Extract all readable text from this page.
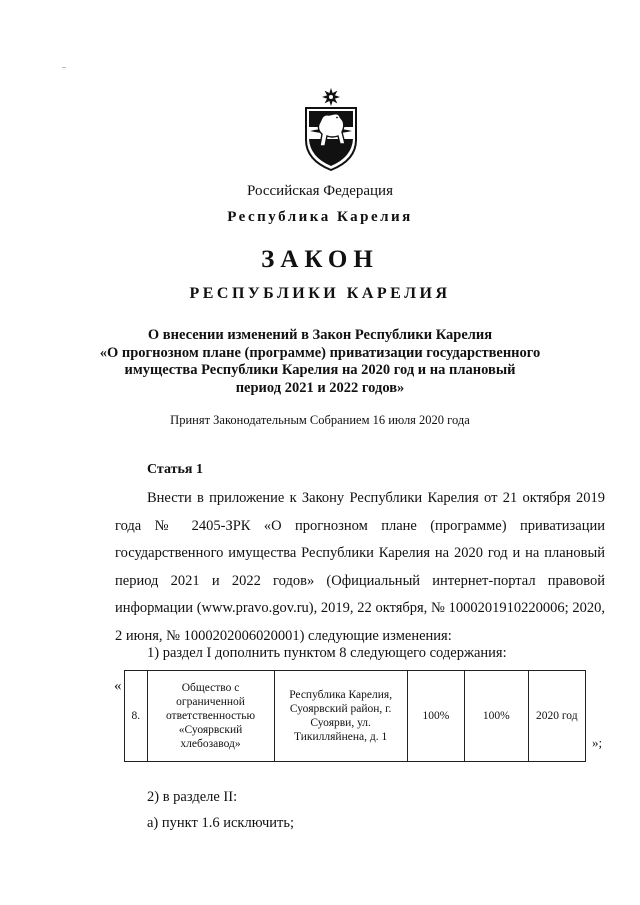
Российская Федерация
Республика Карелия
ЗАКОН
РЕСПУБЛИКИ КАРЕЛИЯ
О внесении изменений в Закон Республики Карелия
«О прогнозном плане (программе) приватизации государственного
имущества Республики Карелия на 2020 год и на плановый
период 2021 и 2022 годов»
Принят Законодательным Собранием 16 июля 2020 года
Статья 1
Внести в приложение к Закону Республики Карелия от 21 октября 2019 года № 2405-ЗРК «О прогнозном плане (программе) приватизации государственного имущества Республики Карелия на 2020 год и на плановый период 2021 и 2022 годов» (Официальный интернет-портал правовой информации (www.pravo.gov.ru), 2019, 22 октября, № 1000201910220006; 2020, 2 июня, № 1000202006020001) следующие изменения:
1) раздел I дополнить пунктом 8 следующего содержания:
«
8.	Общество с ограниченной ответственностью «Суоярвский хлебозавод»	Республика Карелия, Суоярвский район, г. Суоярви, ул. Тикилляйнена, д. 1	100%	100%	2020 год
»;
2) в разделе II:
а) пункт 1.6 исключить;
